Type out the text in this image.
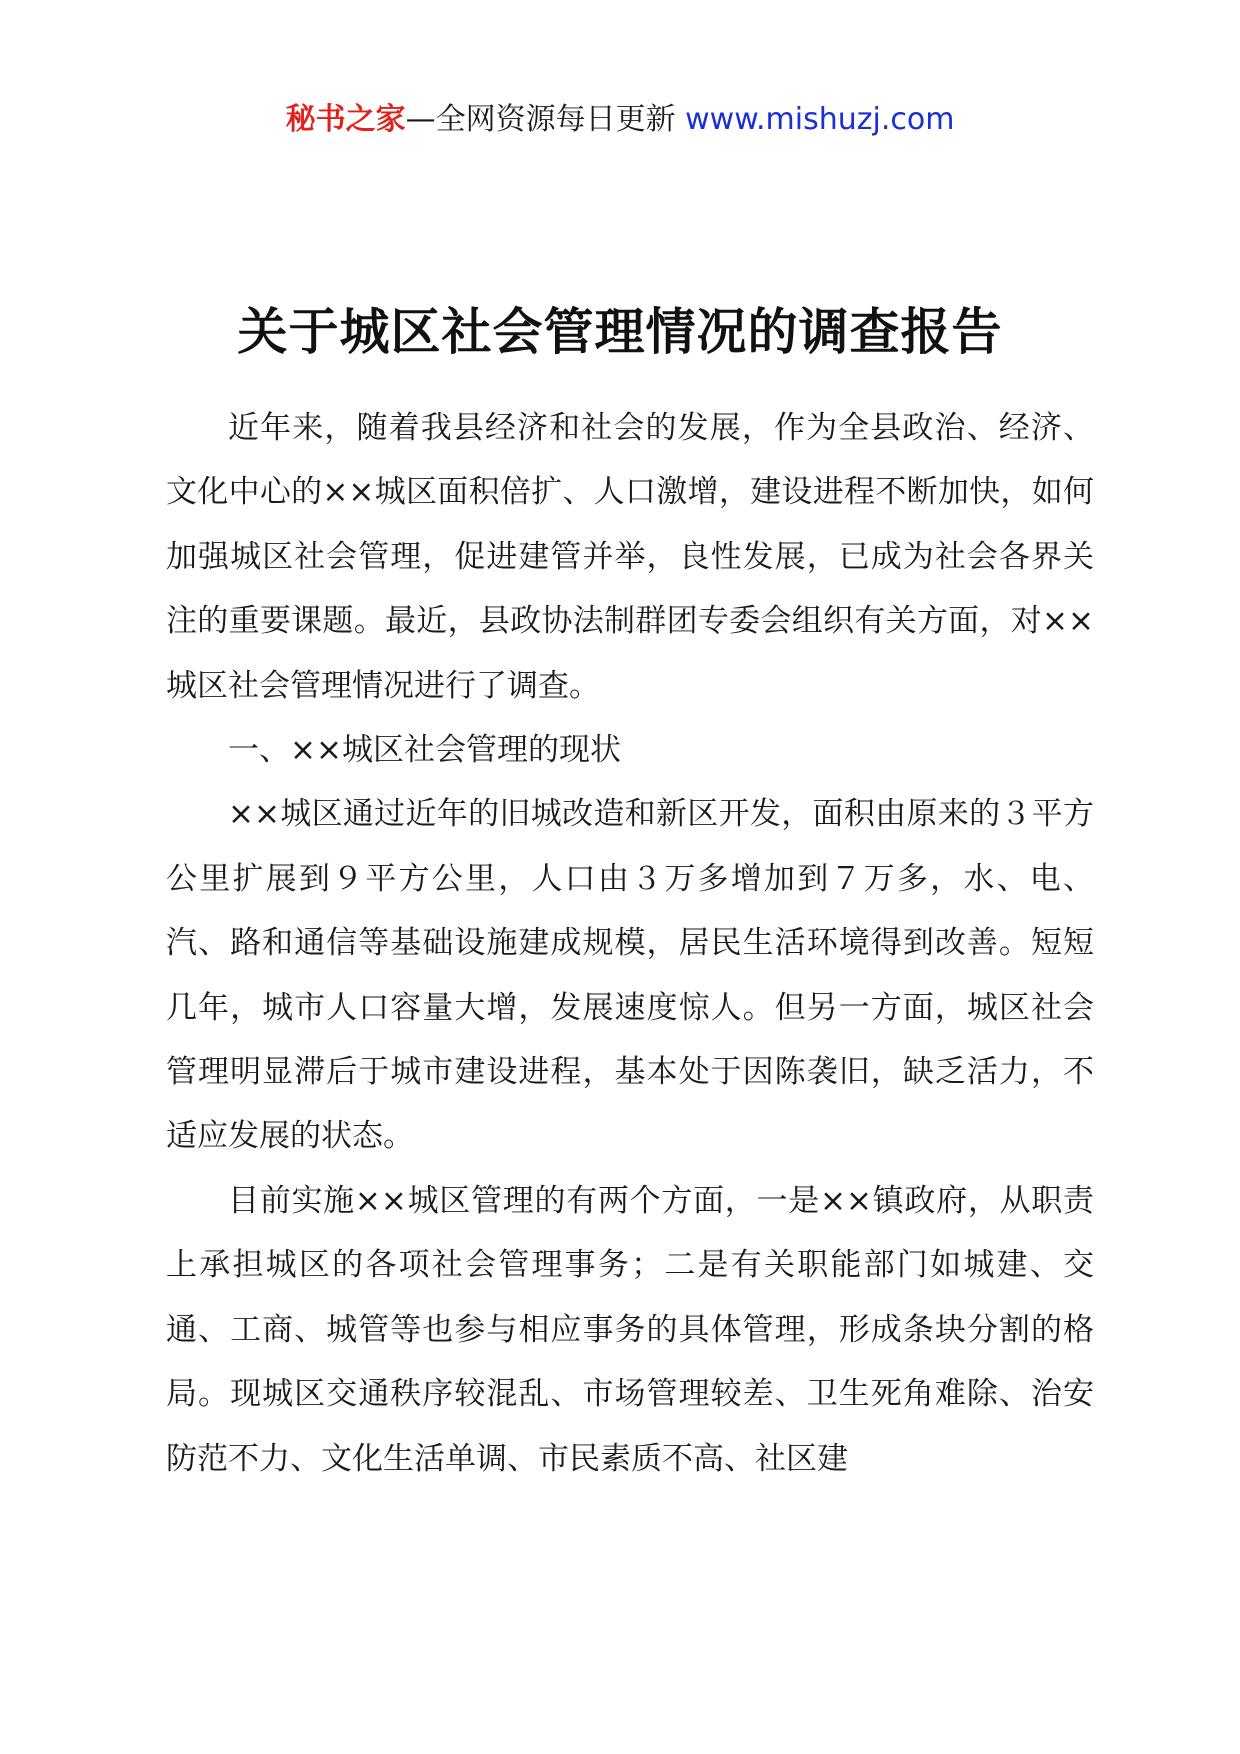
秘书之家—全网资源每日更新 www.mishuzj.com
关于城区社会管理情况的调查报告

近年来，随着我县经济和社会的发展，作为全县政治、经济、文化中心的××城区面积倍扩、人口激增，建设进程不断加快，如何加强城区社会管理，促进建管并举，良性发展，已成为社会各界关注的重要课题。最近，县政协法制群团专委会组织有关方面，对××城区社会管理情况进行了调查。

一、××城区社会管理的现状

××城区通过近年的旧城改造和新区开发，面积由原来的３平方公里扩展到９平方公里，人口由３万多增加到７万多，水、电、汽、路和通信等基础设施建成规模，居民生活环境得到改善。短短几年，城市人口容量大增，发展速度惊人。但另一方面，城区社会管理明显滞后于城市建设进程，基本处于因陈袭旧，缺乏活力，不适应发展的状态。

目前实施××城区管理的有两个方面，一是××镇政府，从职责上承担城区的各项社会管理事务；二是有关职能部门如城建、交通、工商、城管等也参与相应事务的具体管理，形成条块分割的格局。现城区交通秩序较混乱、市场管理较差、卫生死角难除、治安防范不力、文化生活单调、市民素质不高、社区建
